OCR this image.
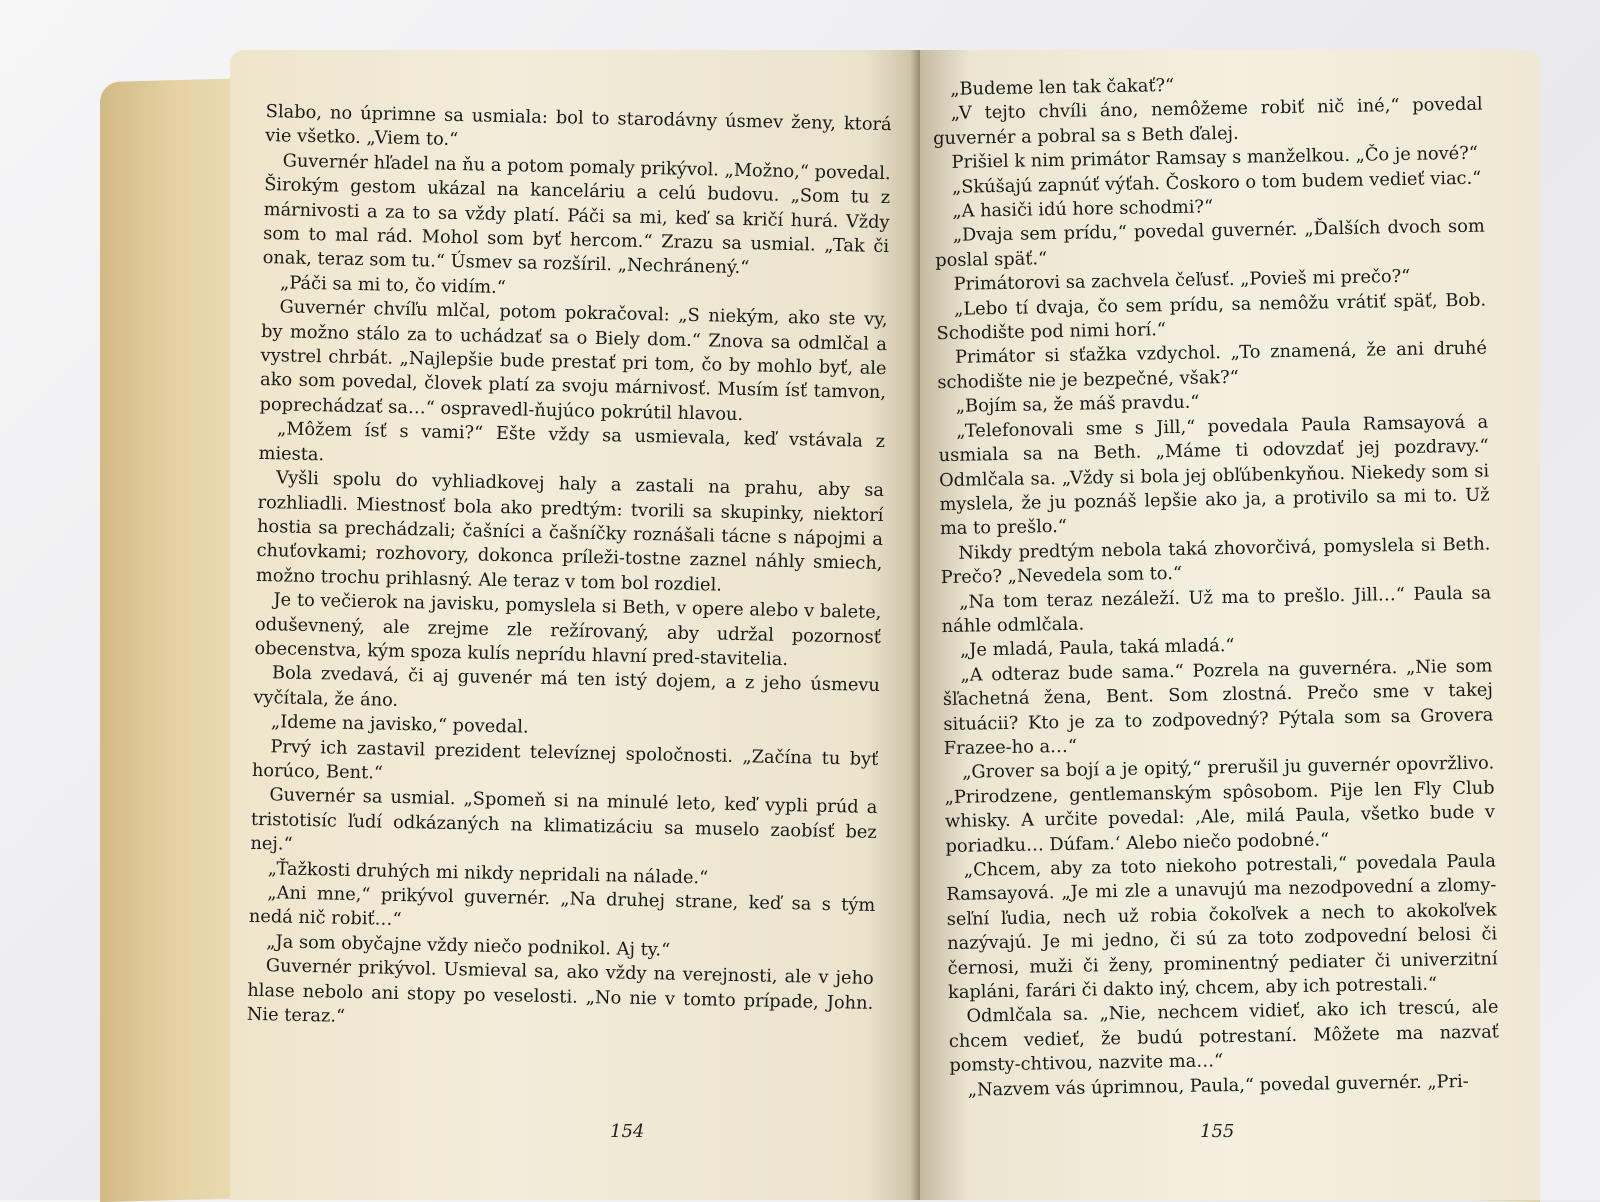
Slabo, no úprimne sa usmiala: bol to starodávny úsmev ženy, ktorá vie všetko. „Viem to.“

Guvernér hľadel na ňu a potom pomaly prikývol. „Možno,“ povedal. Širokým gestom ukázal na kanceláriu a celú budovu. „Som tu z márnivosti a za to sa vždy platí. Páči sa mi, keď sa kričí hurá. Vždy som to mal rád. Mohol som byť hercom.“ Zrazu sa usmial. „Tak či onak, teraz som tu.“ Úsmev sa rozšíril. „Nechránený.“

„Páči sa mi to, čo vidím.“

Guvernér chvíľu mlčal, potom pokračoval: „S niekým, ako ste vy, by možno stálo za to uchádzať sa o Biely dom.“ Znova sa odmlčal a vystrel chrbát. „Najlepšie bude prestať pri tom, čo by mohlo byť, ale ako som povedal, človek platí za svoju márnivosť. Musím ísť tamvon, poprechádzať sa…“ ospravedl-ňujúco pokrútil hlavou.

„Môžem ísť s vami?“ Ešte vždy sa usmievala, keď vstávala z miesta.

Vyšli spolu do vyhliadkovej haly a zastali na prahu, aby sa rozhliadli. Miestnosť bola ako predtým: tvorili sa skupinky, niektorí hostia sa prechádzali; čašníci a čašníčky roznášali tácne s nápojmi a chuťovkami; rozhovory, dokonca príleži-tostne zaznel náhly smiech, možno trochu prihlasný. Ale teraz v tom bol rozdiel.

Je to večierok na javisku, pomyslela si Beth, v opere alebo v balete, oduševnený, ale zrejme zle režírovaný, aby udržal pozornosť obecenstva, kým spoza kulís neprídu hlavní pred-stavitelia.

Bola zvedavá, či aj guvenér má ten istý dojem, a z jeho úsmevu vyčítala, že áno.

„Ideme na javisko,“ povedal.

Prvý ich zastavil prezident televíznej spoločnosti. „Začína tu byť horúco, Bent.“

Guvernér sa usmial. „Spomeň si na minulé leto, keď vypli prúd a tristotisíc ľudí odkázaných na klimatizáciu sa muselo zaobísť bez nej.“

„Ťažkosti druhých mi nikdy nepridali na nálade.“

„Ani mne,“ prikývol guvernér. „Na druhej strane, keď sa s tým nedá nič robiť…“

„Ja som obyčajne vždy niečo podnikol. Aj ty.“

Guvernér prikývol. Usmieval sa, ako vždy na verejnosti, ale v jeho hlase nebolo ani stopy po veselosti. „No nie v tomto prípade, John. Nie teraz.“

154

„Budeme len tak čakať?“

„V tejto chvíli áno, nemôžeme robiť nič iné,“ povedal guvernér a pobral sa s Beth ďalej.

Prišiel k nim primátor Ramsay s manželkou. „Čo je nové?“

„Skúšajú zapnúť výťah. Čoskoro o tom budem vedieť viac.“

„A hasiči idú hore schodmi?“

„Dvaja sem prídu,“ povedal guvernér. „Ďalších dvoch som poslal späť.“

Primátorovi sa zachvela čeľusť. „Povieš mi prečo?“

„Lebo tí dvaja, čo sem prídu, sa nemôžu vrátiť späť, Bob. Schodište pod nimi horí.“

Primátor si sťažka vzdychol. „To znamená, že ani druhé schodište nie je bezpečné, však?“

„Bojím sa, že máš pravdu.“

„Telefonovali sme s Jill,“ povedala Paula Ramsayová a usmiala sa na Beth. „Máme ti odovzdať jej pozdravy.“ Odmlčala sa. „Vždy si bola jej obľúbenkyňou. Niekedy som si myslela, že ju poznáš lepšie ako ja, a protivilo sa mi to. Už ma to prešlo.“

Nikdy predtým nebola taká zhovorčivá, pomyslela si Beth. Prečo? „Nevedela som to.“

„Na tom teraz nezáleží. Už ma to prešlo. Jill…“ Paula sa náhle odmlčala.

„Je mladá, Paula, taká mladá.“

„A odteraz bude sama.“ Pozrela na guvernéra. „Nie som šľachetná žena, Bent. Som zlostná. Prečo sme v takej situácii? Kto je za to zodpovedný? Pýtala som sa Grovera Frazee-ho a…“

„Grover sa bojí a je opitý,“ prerušil ju guvernér opovržlivo. „Prirodzene, gentlemanským spôsobom. Pije len Fly Club whisky. A určite povedal: ‚Ale, milá Paula, všetko bude v poriadku… Dúfam.‘ Alebo niečo podobné.“

„Chcem, aby za toto niekoho potrestali,“ povedala Paula Ramsayová. „Je mi zle a unavujú ma nezodpovední a zlomy-seľní ľudia, nech už robia čokoľvek a nech to akokoľvek nazývajú. Je mi jedno, či sú za toto zodpovední belosi či černosi, muži či ženy, prominentný pediater či univerzitní kapláni, farári či dakto iný, chcem, aby ich potrestali.“

Odmlčala sa. „Nie, nechcem vidieť, ako ich trescú, ale chcem vedieť, že budú potrestaní. Môžete ma nazvať pomsty-chtivou, nazvite ma…“

„Nazvem vás úprimnou, Paula,“ povedal guvernér. „Pri-

155
